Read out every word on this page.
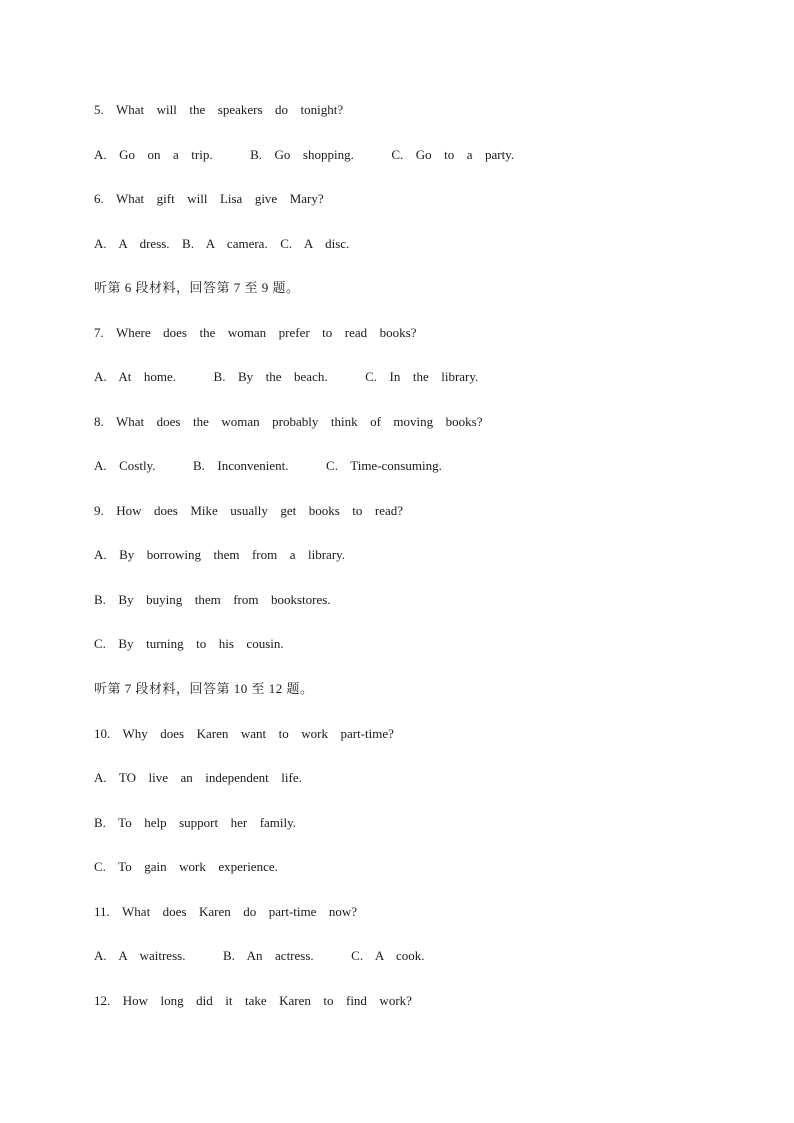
5.  What  will  the  speakers  do  tonight?
A.  Go  on  a  trip.      B.  Go  shopping.      C.  Go  to  a  party.
6.  What  gift  will  Lisa  give  Mary?
A.  A  dress.  B.  A  camera.  C.  A  disc.
听第 6 段材料，回答第 7 至 9 题。
7.  Where  does  the  woman  prefer  to  read  books?
A.  At  home.      B.  By  the  beach.      C.  In  the  library.
8.  What  does  the  woman  probably  think  of  moving  books?
A.  Costly.      B.  Inconvenient.      C.  Time-consuming.
9.  How  does  Mike  usually  get  books  to  read?
A.  By  borrowing  them  from  a  library.
B.  By  buying  them  from  bookstores.
C.  By  turning  to  his  cousin.
听第 7 段材料，回答第 10 至 12 题。
10.  Why  does  Karen  want  to  work  part-time?
A.  TO  live  an  independent  life.
B.  To  help  support  her  family.
C.  To  gain  work  experience.
11.  What  does  Karen  do  part-time  now?
A.  A  waitress.      B.  An  actress.      C.  A  cook.
12.  How  long  did  it  take  Karen  to  find  work?
